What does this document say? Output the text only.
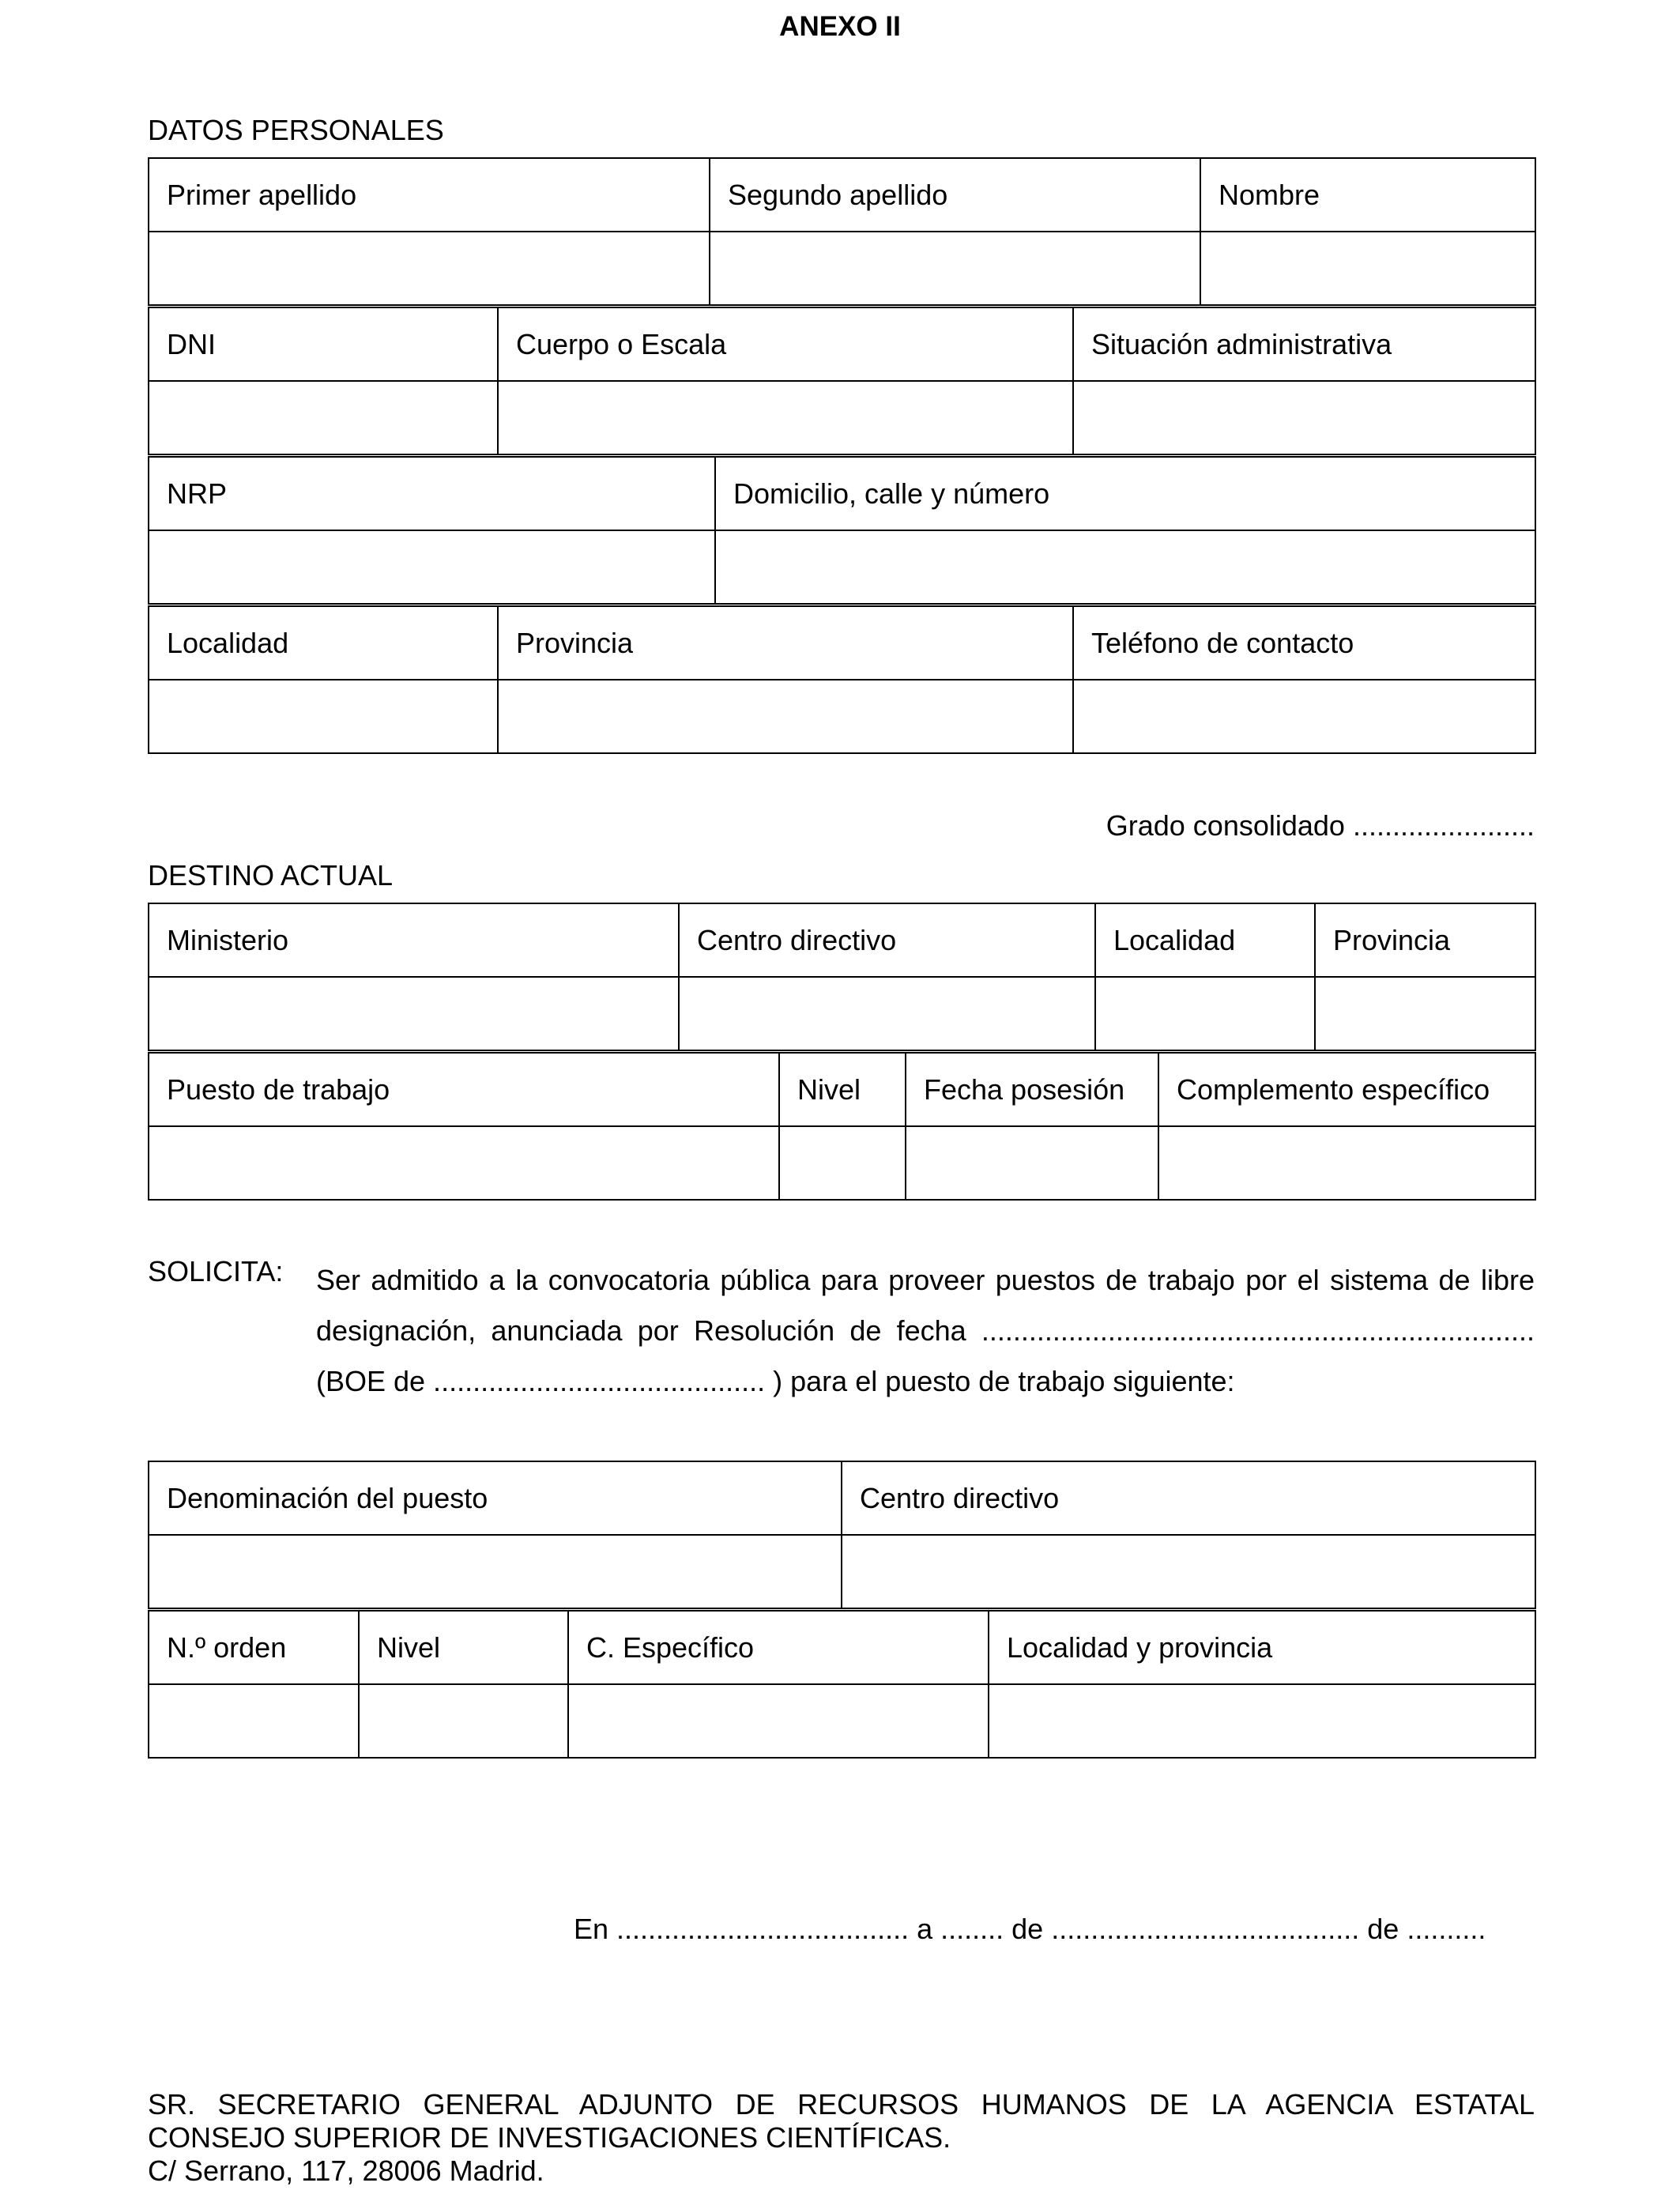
ANEXO II
DATOS PERSONALES
Primer apellido	Segundo apellido	Nombre

DNI	Cuerpo o Escala	Situación administrativa

NRP	Domicilio, calle y número

Localidad	Provincia	Teléfono de contacto

Grado consolidado .......................
DESTINO ACTUAL
Ministerio	Centro directivo	Localidad	Provincia

Puesto de trabajo	Nivel	Fecha posesión	Complemento específico

SOLICITA: Ser admitido a la convocatoria pública para proveer puestos de trabajo por el sistema de libre
designación, anunciada por Resolución de fecha ......................................................................
(BOE de .......................................... ) para el puesto de trabajo siguiente:
Denominación del puesto	Centro directivo

N.º orden	Nivel	C. Específico	Localidad y provincia

En ..................................... a ........ de ....................................... de ..........
SR. SECRETARIO GENERAL ADJUNTO DE RECURSOS HUMANOS DE LA AGENCIA ESTATAL
CONSEJO SUPERIOR DE INVESTIGACIONES CIENTÍFICAS.
C/ Serrano, 117, 28006 Madrid.
